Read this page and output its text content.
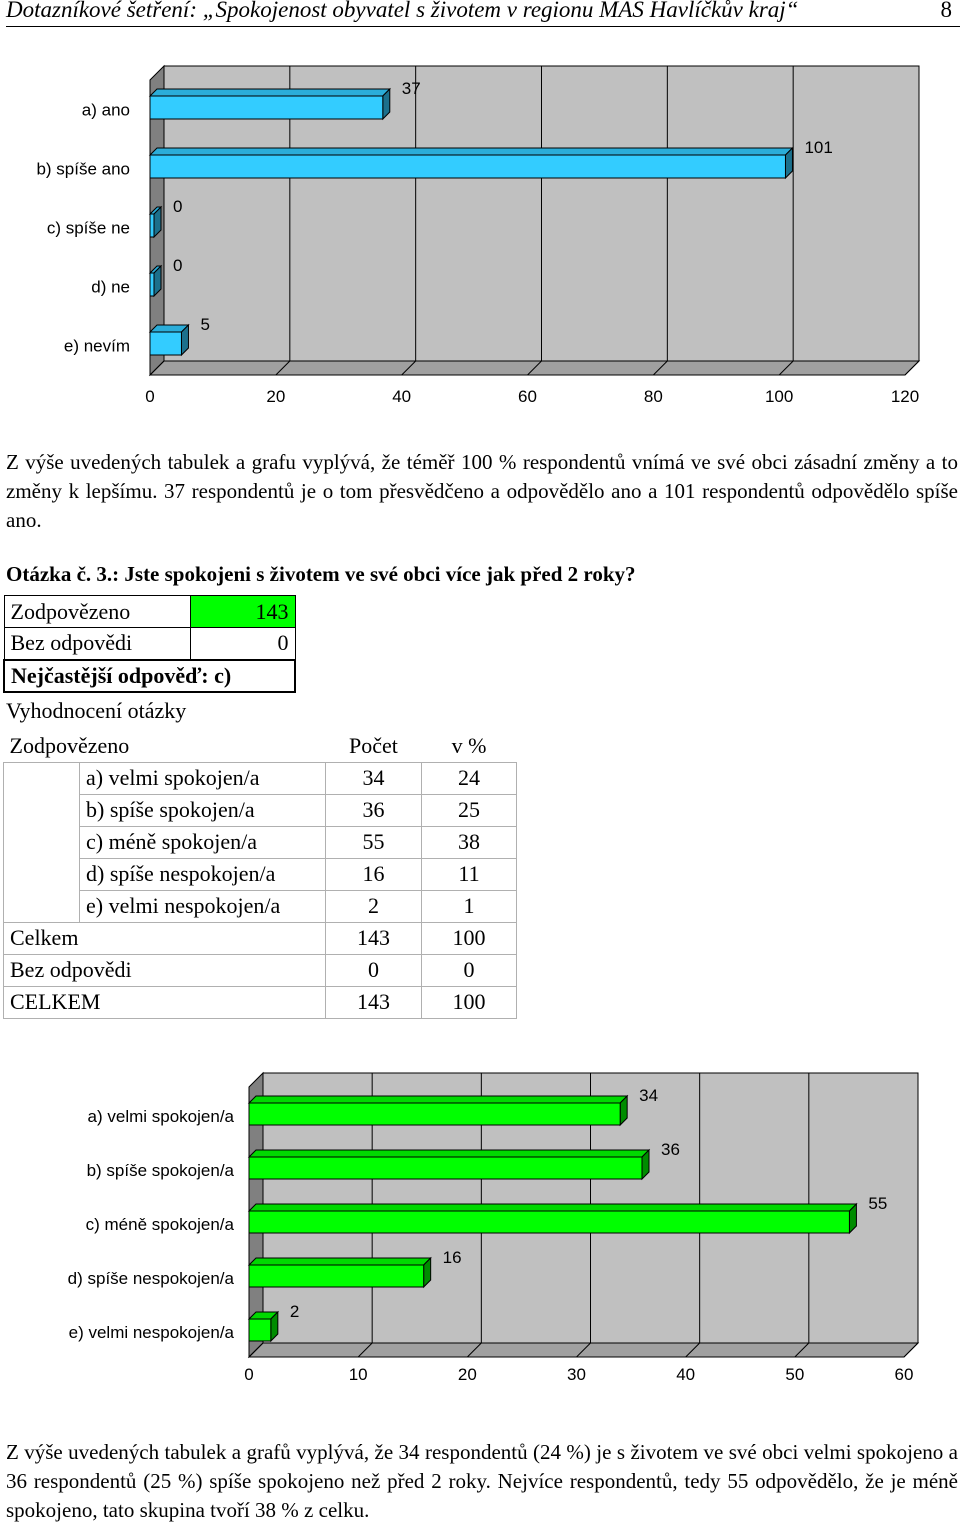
Dotazníkové šetření: „Spokojenost obyvatel s životem v regionu MAS Havlíčkův kraj“	8
0	20	40	60	80	100	120
37
a) ano
101
b) spíše ano
0
c) spíše ne
0
d) ne
5
e) nevím
Z výše uvedených tabulek a grafu vyplývá, že téměř 100 % respondentů vnímá ve své obci zásadní změny a to změny k lepšímu. 37 respondentů je o tom přesvědčeno a odpovědělo ano a 101 respondentů odpovědělo spíše ano.
Otázka č. 3.: Jste spokojeni s životem ve své obci více jak před 2 roky?
Zodpovězeno	143
Bez odpovědi	0
Nejčastější odpověď: c)	
Vyhodnocení otázky
Zodpovězeno		Počet	v %
	a) velmi spokojen/a	34	24
	b) spíše spokojen/a	36	25
	c) méně spokojen/a	55	38
	d) spíše nespokojen/a	16	11
	e) velmi nespokojen/a	2	1
Celkem		143	100
Bez odpovědi		0	0
CELKEM		143	100
0	10	20	30	40	50	60
34
a) velmi spokojen/a
36
b) spíše spokojen/a
55
c) méně spokojen/a
16
d) spíše nespokojen/a
2
e) velmi nespokojen/a
Z výše uvedených tabulek a grafů vyplývá, že 34 respondentů (24 %) je s životem ve své obci velmi spokojeno a 36 respondentů (25 %) spíše spokojeno než před 2 roky. Nejvíce respondentů, tedy 55 odpovědělo, že je méně spokojeno, tato skupina tvoří 38 % z celku.
